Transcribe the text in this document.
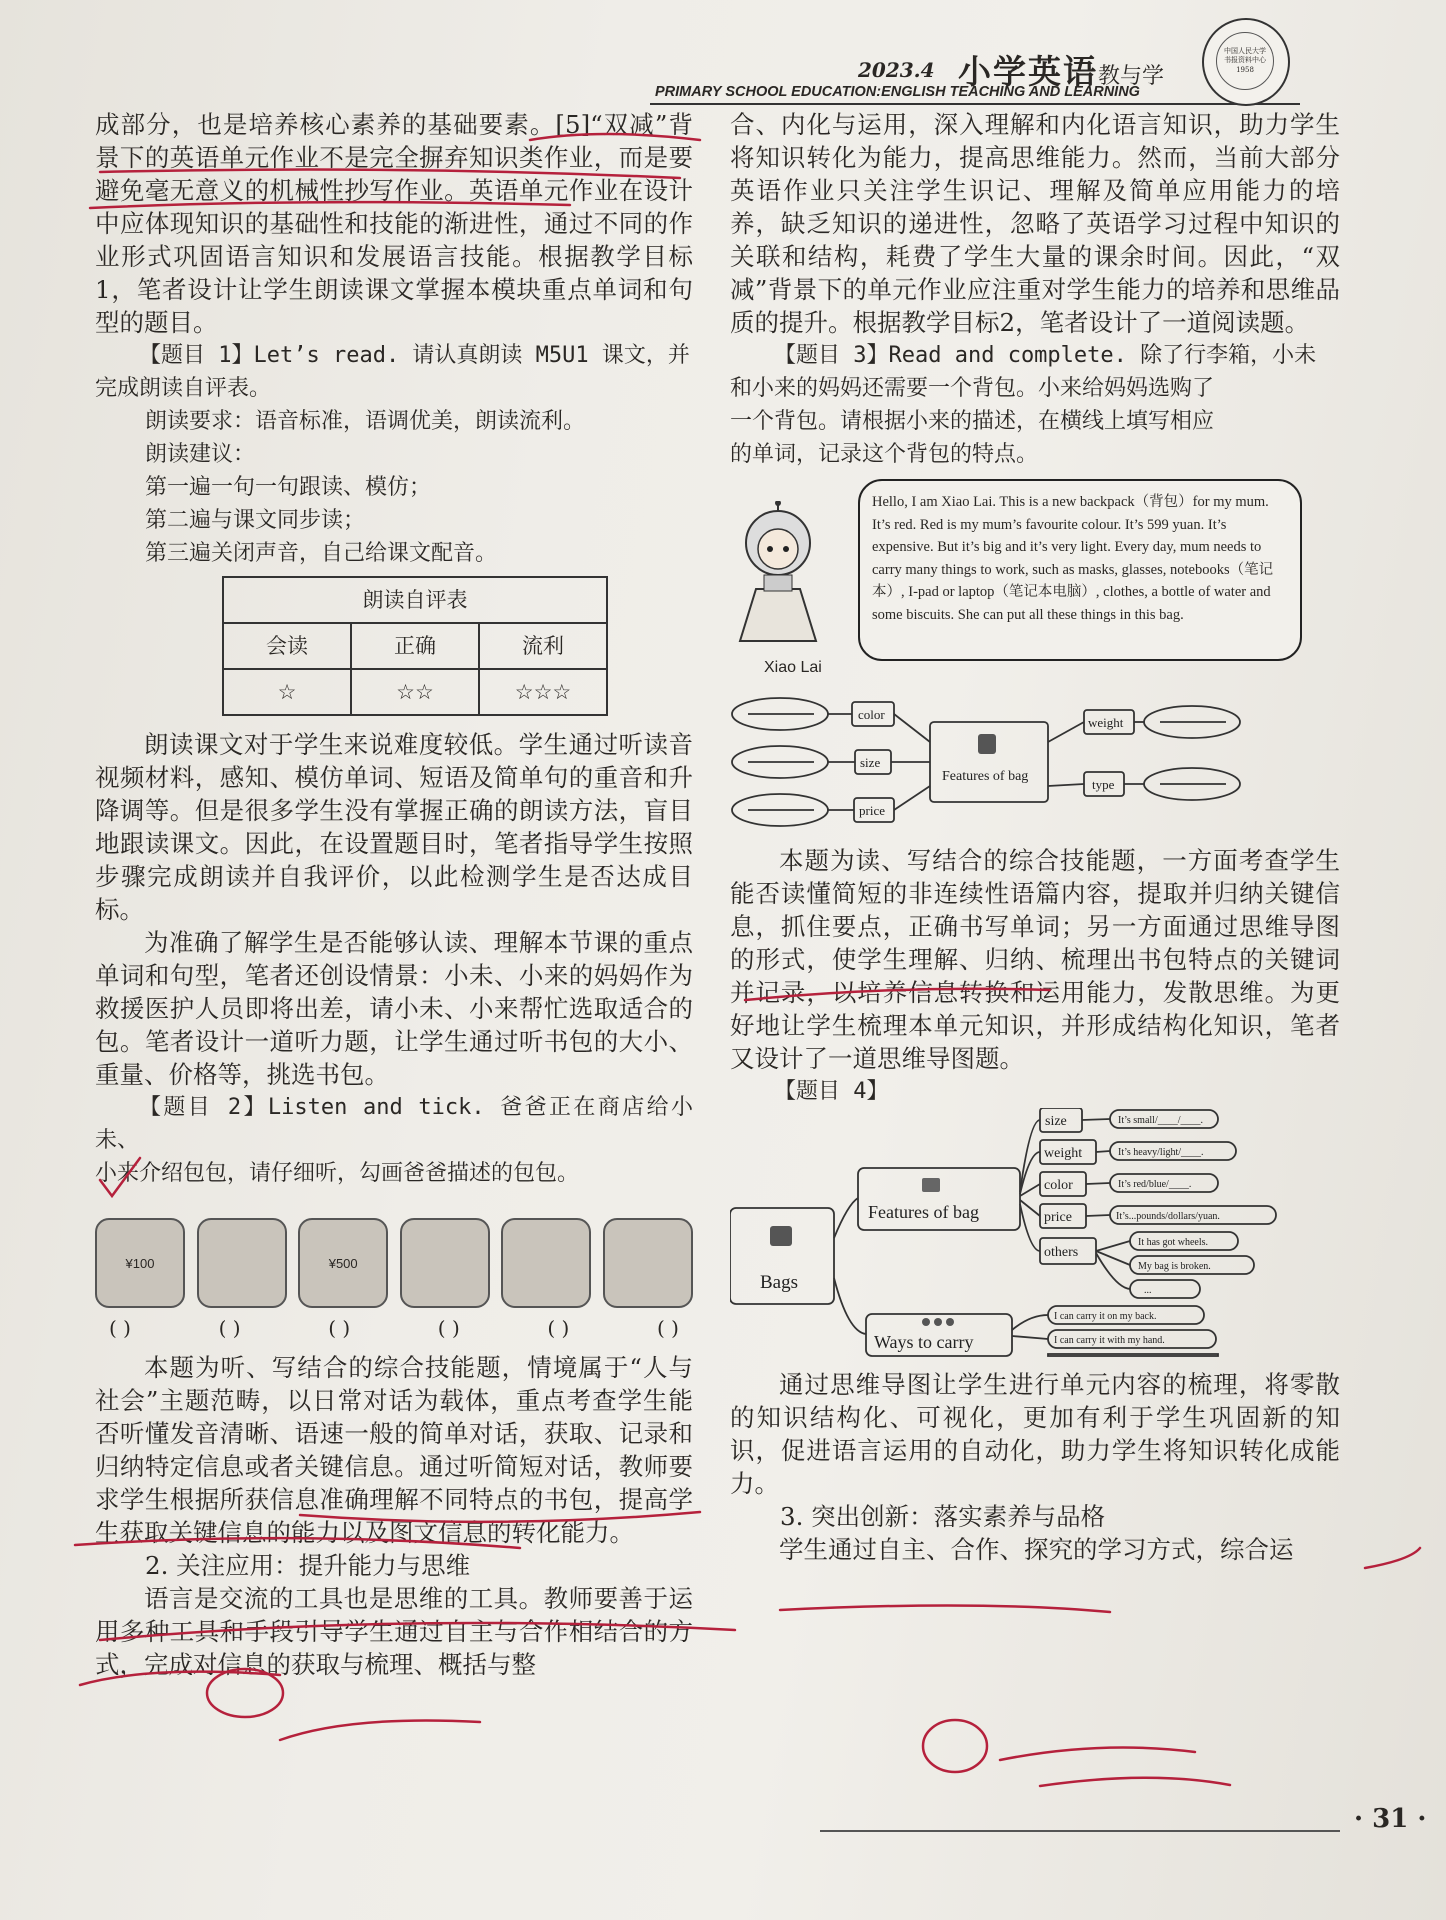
2023.4 小学英语教与学
PRIMARY SCHOOL EDUCATION:ENGLISH TEACHING AND LEARNING
中国人民大学
书报资料中心
1958

成部分，也是培养核心素养的基础要素。[5]“双减”背景下的英语单元作业不是完全摒弃知识类作业，而是要避免毫无意义的机械性抄写作业。英语单元作业在设计中应体现知识的基础性和技能的渐进性，通过不同的作业形式巩固语言知识和发展语言技能。根据教学目标1，笔者设计让学生朗读课文掌握本模块重点单词和句型的题目。

【题目 1】Let’s read. 请认真朗读 M5U1 课文，并

完成朗读自评表。

朗读要求：语音标准，语调优美，朗读流利。

朗读建议：

第一遍一句一句跟读、模仿；

第二遍与课文同步读；

第三遍关闭声音，自己给课文配音。

朗读自评表		
会读	正确	流利
☆	☆☆	☆☆☆

朗读课文对于学生来说难度较低。学生通过听读音视频材料，感知、模仿单词、短语及简单句的重音和升降调等。但是很多学生没有掌握正确的朗读方法，盲目地跟读课文。因此，在设置题目时，笔者指导学生按照步骤完成朗读并自我评价，以此检测学生是否达成目标。

为准确了解学生是否能够认读、理解本节课的重点单词和句型，笔者还创设情景：小未、小来的妈妈作为救援医护人员即将出差，请小未、小来帮忙选取适合的包。笔者设计一道听力题，让学生通过听书包的大小、重量、价格等，挑选书包。

【题目 2】Listen and tick. 爸爸正在商店给小未、

小来介绍包包，请仔细听，勾画爸爸描述的包包。

¥100	¥500
( )	( )	( )	( )	( )	( )

本题为听、写结合的综合技能题，情境属于“人与社会”主题范畴，以日常对话为载体，重点考查学生能否听懂发音清晰、语速一般的简单对话，获取、记录和归纳特定信息或者关键信息。通过听简短对话，教师要求学生根据所获信息准确理解不同特点的书包，提高学生获取关键信息的能力以及图文信息的转化能力。

2. 关注应用：提升能力与思维

语言是交流的工具也是思维的工具。教师要善于运用多种工具和手段引导学生通过自主与合作相结合的方式，完成对信息的获取与梳理、概括与整

合、内化与运用，深入理解和内化语言知识，助力学生将知识转化为能力，提高思维能力。然而，当前大部分英语作业只关注学生识记、理解及简单应用能力的培养，缺乏知识的递进性，忽略了英语学习过程中知识的关联和结构，耗费了学生大量的课余时间。因此，“双减”背景下的单元作业应注重对学生能力的培养和思维品质的提升。根据教学目标2，笔者设计了一道阅读题。

【题目 3】Read and complete. 除了行李箱，小未

和小来的妈妈还需要一个背包。小来给妈妈选购了

一个背包。请根据小来的描述，在横线上填写相应

的单词，记录这个背包的特点。

Xiao Lai
Hello, I am Xiao Lai. This is a new backpack（背包）for my mum. It’s red. Red is my mum’s favourite colour. It’s 599 yuan. It’s expensive. But it’s big and it’s very light. Every day, mum needs to carry many things to work, such as masks, glasses, notebooks（笔记本）, I-pad or laptop（笔记本电脑）, clothes, a bottle of water and some biscuits. She can put all these things in this bag.
color
size
price
Features of bag
weight
type

本题为读、写结合的综合技能题，一方面考查学生能否读懂简短的非连续性语篇内容，提取并归纳关键信息，抓住要点，正确书写单词；另一方面通过思维导图的形式，使学生理解、归纳、梳理出书包特点的关键词并记录，以培养信息转换和运用能力，发散思维。为更好地让学生梳理本单元知识，并形成结构化知识，笔者又设计了一道思维导图题。

【题目 4】

Bags
Features of bag
Ways to carry
size
weight
color
price
others
It’s small/____/____.
It’s heavy/light/____.
It’s red/blue/____.
It’s...pounds/dollars/yuan.
It has got wheels.
My bag is broken.
...
I can carry it on my back.
I can carry it with my hand.

通过思维导图让学生进行单元内容的梳理，将零散的知识结构化、可视化，更加有利于学生巩固新的知识，促进语言运用的自动化，助力学生将知识转化成能力。

3. 突出创新：落实素养与品格

学生通过自主、合作、探究的学习方式，综合运

· 31 ·
